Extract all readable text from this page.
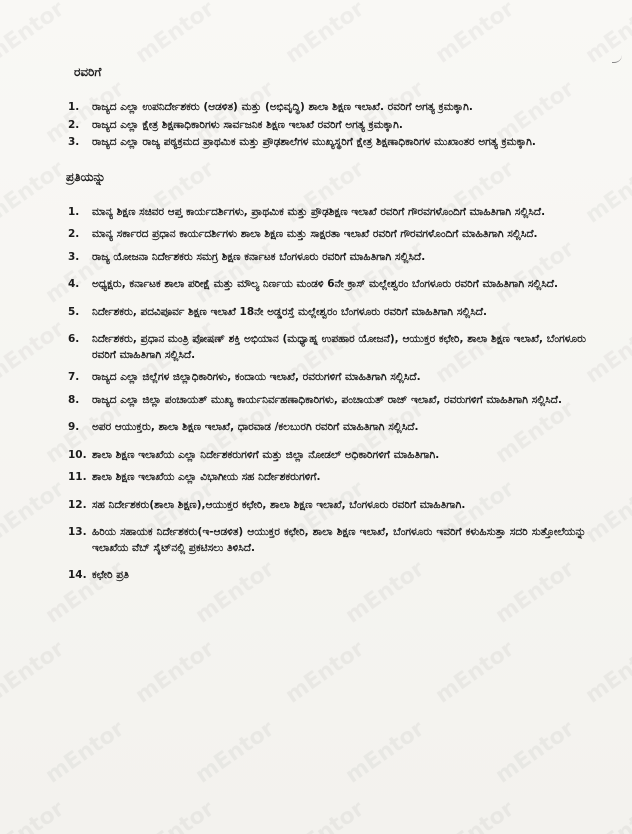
ರವರಿಗೆ
1.	ರಾಜ್ಯದ ಎಲ್ಲಾ ಉಪನಿರ್ದೇಶಕರು (ಆಡಳಿತ) ಮತ್ತು (ಅಭಿವೃದ್ಧಿ) ಶಾಲಾ ಶಿಕ್ಷಣ ಇಲಾಖೆ. ರವರಿಗೆ ಅಗತ್ಯ ಕ್ರಮಕ್ಕಾಗಿ.
2.	ರಾಜ್ಯದ ಎಲ್ಲಾ ಕ್ಷೇತ್ರ ಶಿಕ್ಷಣಾಧಿಕಾರಿಗಳು ಸಾರ್ವಜನಿಕ ಶಿಕ್ಷಣ ಇಲಾಖೆ ರವರಿಗೆ ಅಗತ್ಯ ಕ್ರಮಕ್ಕಾಗಿ.
3.	ರಾಜ್ಯದ ಎಲ್ಲಾ ರಾಜ್ಯ ಪಠ್ಯಕ್ರಮದ ಪ್ರಾಥಮಿಕ ಮತ್ತು ಪ್ರೌಢಶಾಲೆಗಳ ಮುಖ್ಯಸ್ಥರಿಗೆ ಕ್ಷೇತ್ರ ಶಿಕ್ಷಣಾಧಿಕಾರಿಗಳ ಮುಖಾಂತರ ಅಗತ್ಯ ಕ್ರಮಕ್ಕಾಗಿ.
ಪ್ರತಿಯನ್ನು
1.	ಮಾನ್ಯ ಶಿಕ್ಷಣ ಸಚಿವರ ಆಪ್ತ ಕಾರ್ಯದರ್ಶಿಗಳು, ಪ್ರಾಥಮಿಕ ಮತ್ತು ಪ್ರೌಢಶಿಕ್ಷಣ ಇಲಾಖೆ ರವರಿಗೆ ಗೌರವಗಳೊಂದಿಗೆ ಮಾಹಿತಿಗಾಗಿ ಸಲ್ಲಿಸಿದೆ.
2.	ಮಾನ್ಯ ಸರ್ಕಾರದ ಪ್ರಧಾನ ಕಾರ್ಯದರ್ಶಿಗಳು ಶಾಲಾ ಶಿಕ್ಷಣ ಮತ್ತು ಸಾಕ್ಷರತಾ ಇಲಾಖೆ ರವರಿಗೆ ಗೌರವಗಳೊಂದಿಗೆ ಮಾಹಿತಿಗಾಗಿ ಸಲ್ಲಿಸಿದೆ.
3.	ರಾಜ್ಯ ಯೋಜನಾ ನಿರ್ದೇಶಕರು ಸಮಗ್ರ ಶಿಕ್ಷಣ ಕರ್ನಾಟಕ ಬೆಂಗಳೂರು ರವರಿಗೆ ಮಾಹಿತಿಗಾಗಿ ಸಲ್ಲಿಸಿದೆ.
4.	ಅಧ್ಯಕ್ಷರು, ಕರ್ನಾಟಕ ಶಾಲಾ ಪರೀಕ್ಷೆ ಮತ್ತು ಮೌಲ್ಯ ನಿರ್ಣಯ ಮಂಡಳಿ 6ನೇ ಕ್ರಾಸ್ ಮಲ್ಲೇಶ್ವರಂ ಬೆಂಗಳೂರು ರವರಿಗೆ ಮಾಹಿತಿಗಾಗಿ ಸಲ್ಲಿಸಿದೆ.
5.	ನಿರ್ದೇಶಕರು, ಪದವಿಪೂರ್ವ ಶಿಕ್ಷಣ ಇಲಾಖೆ 18ನೇ ಅಡ್ಡರಸ್ತೆ ಮಲ್ಲೇಶ್ವರಂ ಬೆಂಗಳೂರು ರವರಿಗೆ ಮಾಹಿತಿಗಾಗಿ ಸಲ್ಲಿಸಿದೆ.
6.	ನಿರ್ದೇಶಕರು, ಪ್ರಧಾನ ಮಂತ್ರಿ ಪೋಷಣ್ ಶಕ್ತಿ ಅಭಿಯಾನ (ಮಧ್ಯಾಹ್ನ ಉಪಹಾರ ಯೋಜನೆ), ಆಯುಕ್ತರ ಕಛೇರಿ, ಶಾಲಾ ಶಿಕ್ಷಣ ಇಲಾಖೆ, ಬೆಂಗಳೂರು ರವರಿಗೆ ಮಾಹಿತಿಗಾಗಿ ಸಲ್ಲಿಸಿದೆ.
7.	ರಾಜ್ಯದ ಎಲ್ಲಾ ಜಿಲ್ಲೆಗಳ ಜಿಲ್ಲಾಧಿಕಾರಿಗಳು, ಕಂದಾಯ ಇಲಾಖೆ, ರವರುಗಳಿಗೆ ಮಾಹಿತಿಗಾಗಿ ಸಲ್ಲಿಸಿದೆ.
8.	ರಾಜ್ಯದ ಎಲ್ಲಾ ಜಿಲ್ಲಾ ಪಂಚಾಯತ್ ಮುಖ್ಯ ಕಾರ್ಯನಿರ್ವಹಣಾಧಿಕಾರಿಗಳು, ಪಂಚಾಯತ್ ರಾಜ್ ಇಲಾಖೆ, ರವರುಗಳಿಗೆ ಮಾಹಿತಿಗಾಗಿ ಸಲ್ಲಿಸಿದೆ.
9.	ಅಪರ ಆಯುಕ್ತರು, ಶಾಲಾ ಶಿಕ್ಷಣ ಇಲಾಖೆ, ಧಾರವಾಡ /ಕಲಬುರಗಿ ರವರಿಗೆ ಮಾಹಿತಿಗಾಗಿ ಸಲ್ಲಿಸಿದೆ.
10. ಶಾಲಾ ಶಿಕ್ಷಣ ಇಲಾಖೆಯ ಎಲ್ಲಾ ನಿರ್ದೇಶಕರುಗಳಿಗೆ ಮತ್ತು ಜಿಲ್ಲಾ ನೋಡಲ್ ಅಧಿಕಾರಿಗಳಿಗೆ ಮಾಹಿತಿಗಾಗಿ.
11. ಶಾಲಾ ಶಿಕ್ಷಣ ಇಲಾಖೆಯ ಎಲ್ಲಾ ವಿಭಾಗೀಯ ಸಹ ನಿರ್ದೇಶಕರುಗಳಿಗೆ.
12. ಸಹ ನಿರ್ದೇಶಕರು(ಶಾಲಾ ಶಿಕ್ಷಣ),ಆಯುಕ್ತರ ಕಛೇರಿ, ಶಾಲಾ ಶಿಕ್ಷಣ ಇಲಾಖೆ, ಬೆಂಗಳೂರು ರವರಿಗೆ ಮಾಹಿತಿಗಾಗಿ.
13. ಹಿರಿಯ ಸಹಾಯಕ ನಿರ್ದೇಶಕರು(ಇ-ಆಡಳಿತ) ಆಯುಕ್ತರ ಕಛೇರಿ, ಶಾಲಾ ಶಿಕ್ಷಣ ಇಲಾಖೆ, ಬೆಂಗಳೂರು ಇವರಿಗೆ ಕಳುಹಿಸುತ್ತಾ ಸದರಿ ಸುತ್ತೋಲೆಯನ್ನು ಇಲಾಖೆಯ ವೆಬ್ ಸೈಟ್‌ನಲ್ಲಿ ಪ್ರಕಟಿಸಲು ತಿಳಿಸಿದೆ.
14. ಕಛೇರಿ ಪ್ರತಿ
